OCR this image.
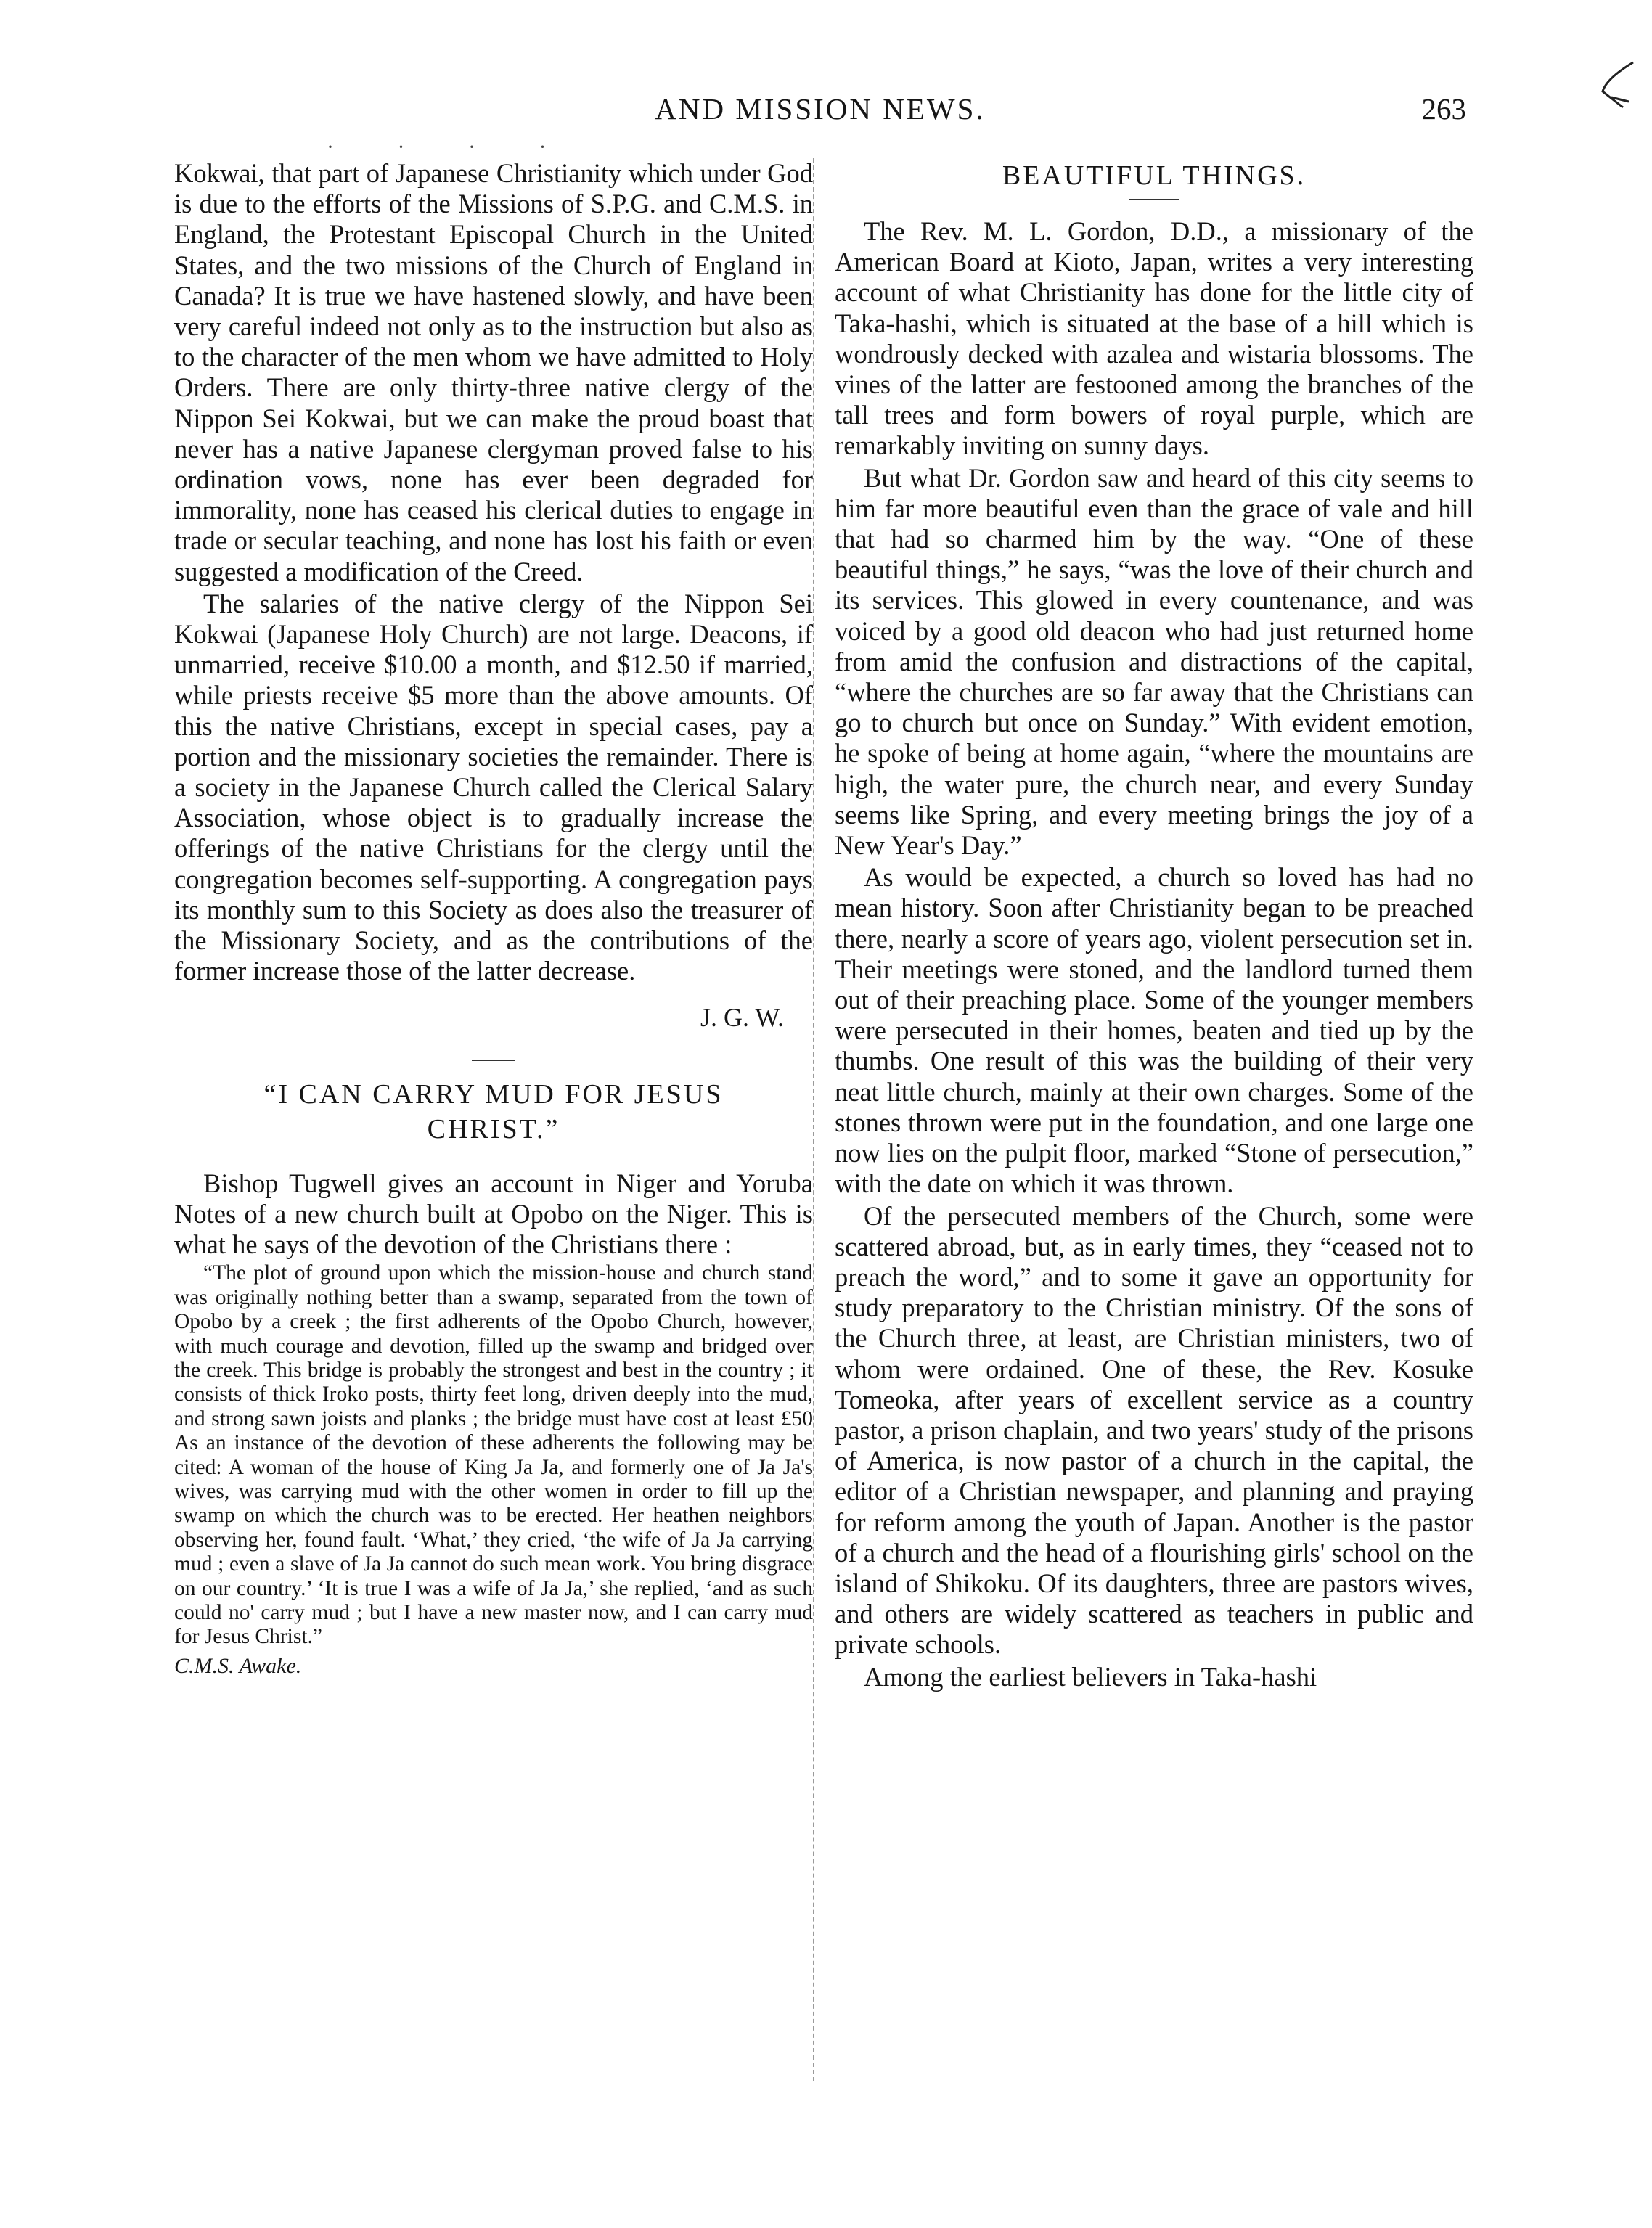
AND MISSION NEWS.	263
· · · ·

Kokwai, that part of Japanese Christianity which under God is due to the efforts of the Missions of S.P.G. and C.M.S. in England, the Protestant Episcopal Church in the United States, and the two missions of the Church of England in Canada? It is true we have hastened slowly, and have been very careful indeed not only as to the instruction but also as to the character of the men whom we have admitted to Holy Orders. There are only thirty-three native clergy of the Nippon Sei Kokwai, but we can make the proud boast that never has a native Japanese clergyman proved false to his ordination vows, none has ever been degraded for immorality, none has ceased his clerical duties to engage in trade or secular teaching, and none has lost his faith or even suggested a modification of the Creed.

The salaries of the native clergy of the Nippon Sei Kokwai (Japanese Holy Church) are not large. Deacons, if unmarried, receive $10.00 a month, and $12.50 if married, while priests receive $5 more than the above amounts. Of this the native Christians, except in special cases, pay a portion and the missionary societies the remainder. There is a society in the Japanese Church called the Clerical Salary Association, whose object is to gradually increase the offerings of the native Christians for the clergy until the congregation becomes self-supporting. A congregation pays its monthly sum to this Society as does also the treasurer of the Missionary Society, and as the contributions of the former increase those of the latter decrease.

J. G. W.
“I CAN CARRY MUD FOR JESUS CHRIST.”

Bishop Tugwell gives an account in Niger and Yoruba Notes of a new church built at Opobo on the Niger. This is what he says of the devotion of the Christians there :

“The plot of ground upon which the mission-house and church stand was originally nothing better than a swamp, separated from the town of Opobo by a creek ; the first adherents of the Opobo Church, however, with much courage and devotion, filled up the swamp and bridged over the creek. This bridge is probably the strongest and best in the country ; it consists of thick Iroko posts, thirty feet long, driven deeply into the mud, and strong sawn joists and planks ; the bridge must have cost at least £50 As an instance of the devotion of these adherents the following may be cited: A woman of the house of King Ja Ja, and formerly one of Ja Ja's wives, was carrying mud with the other women in order to fill up the swamp on which the church was to be erected. Her heathen neighbors observing her, found fault. ‘What,’ they cried, ‘the wife of Ja Ja carrying mud ; even a slave of Ja Ja cannot do such mean work. You bring disgrace on our country.’ ‘It is true I was a wife of Ja Ja,’ she replied, ‘and as such could no' carry mud ; but I have a new master now, and I can carry mud for Jesus Christ.”

C.M.S. Awake.
BEAUTIFUL THINGS.

The Rev. M. L. Gordon, D.D., a missionary of the American Board at Kioto, Japan, writes a very interesting account of what Christianity has done for the little city of Taka-hashi, which is situated at the base of a hill which is wondrously decked with azalea and wistaria blossoms. The vines of the latter are festooned among the branches of the tall trees and form bowers of royal purple, which are remarkably inviting on sunny days.

But what Dr. Gordon saw and heard of this city seems to him far more beautiful even than the grace of vale and hill that had so charmed him by the way. “One of these beautiful things,” he says, “was the love of their church and its services. This glowed in every countenance, and was voiced by a good old deacon who had just returned home from amid the confusion and distractions of the capital, “where the churches are so far away that the Christians can go to church but once on Sunday.” With evident emotion, he spoke of being at home again, “where the mountains are high, the water pure, the church near, and every Sunday seems like Spring, and every meeting brings the joy of a New Year's Day.”

As would be expected, a church so loved has had no mean history. Soon after Christianity began to be preached there, nearly a score of years ago, violent persecution set in. Their meetings were stoned, and the landlord turned them out of their preaching place. Some of the younger members were persecuted in their homes, beaten and tied up by the thumbs. One result of this was the building of their very neat little church, mainly at their own charges. Some of the stones thrown were put in the foundation, and one large one now lies on the pulpit floor, marked “Stone of persecution,” with the date on which it was thrown.

Of the persecuted members of the Church, some were scattered abroad, but, as in early times, they “ceased not to preach the word,” and to some it gave an opportunity for study preparatory to the Christian ministry. Of the sons of the Church three, at least, are Christian ministers, two of whom were ordained. One of these, the Rev. Kosuke Tomeoka, after years of excellent service as a country pastor, a prison chaplain, and two years' study of the prisons of America, is now pastor of a church in the capital, the editor of a Christian newspaper, and planning and praying for reform among the youth of Japan. Another is the pastor of a church and the head of a flourishing girls' school on the island of Shikoku. Of its daughters, three are pastors wives, and others are widely scattered as teachers in public and private schools.

Among the earliest believers in Taka-hashi
